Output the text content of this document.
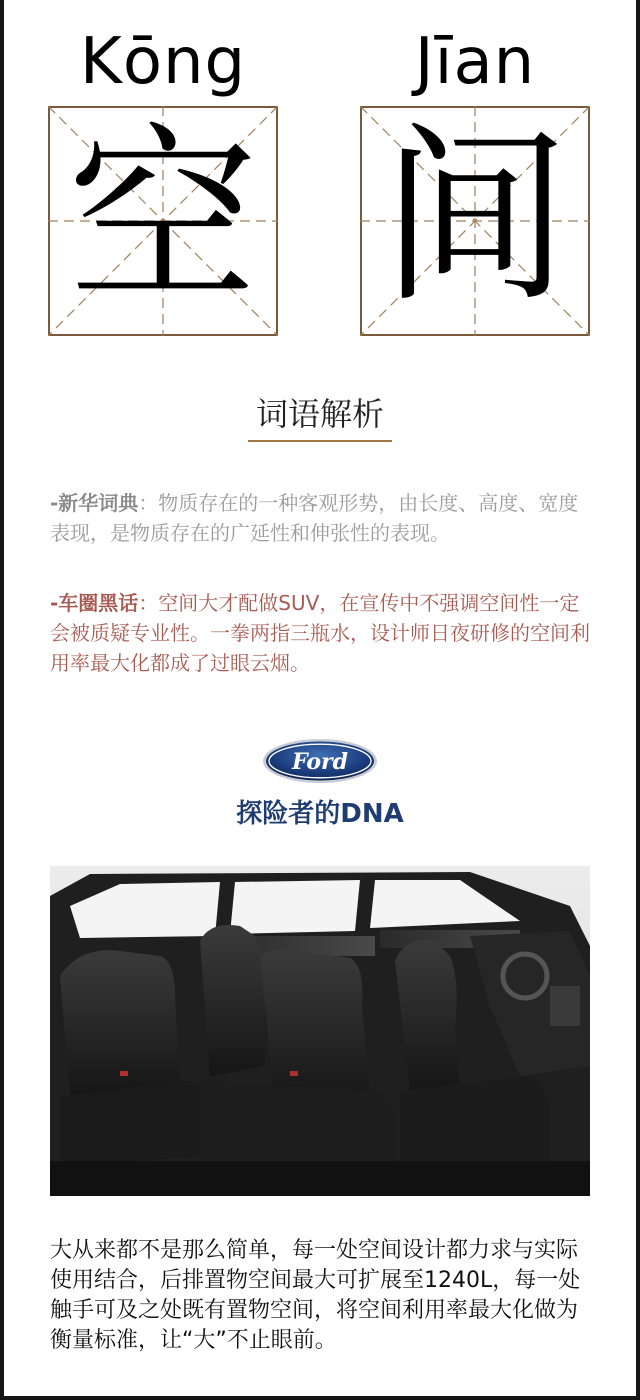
Kōng	Jīan
空 间
词语解析
-新华词典：物质存在的一种客观形势，由长度、高度、宽度表现，是物质存在的广延性和伸张性的表现。
-车圈黑话：空间大才配做SUV，在宣传中不强调空间性一定会被质疑专业性。一拳两指三瓶水，设计师日夜研修的空间利用率最大化都成了过眼云烟。
Ford
探险者的DNA
大从来都不是那么简单，每一处空间设计都力求与实际使用结合，后排置物空间最大可扩展至1240L，每一处触手可及之处既有置物空间，将空间利用率最大化做为衡量标准，让“大”不止眼前。
